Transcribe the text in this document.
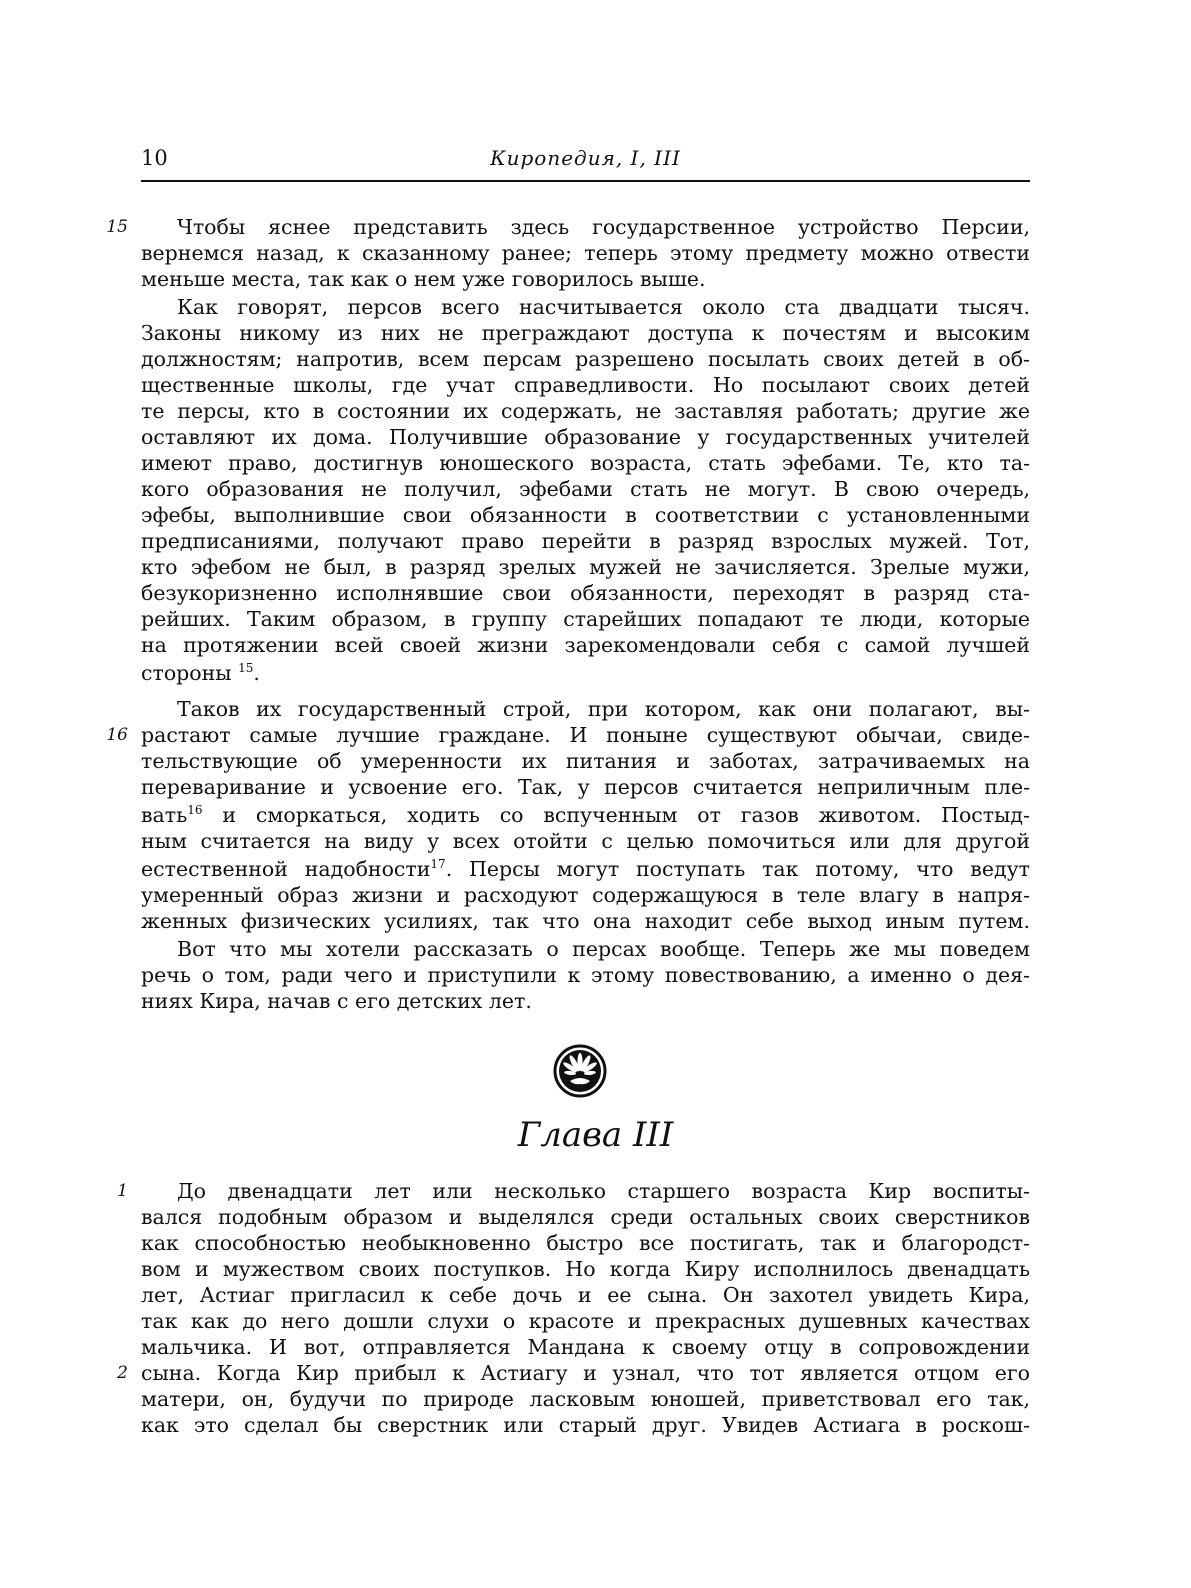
10	Киропедия, I, III
15
16
1
2
Чтобы яснее представить здесь государственное устройство Персии,
вернемся назад, к сказанному ранее; теперь этому предмету можно отвести
меньше места, так как о нем уже говорилось выше.
Как говорят, персов всего насчитывается около ста двадцати тысяч.
Законы никому из них не преграждают доступа к почестям и высоким
должностям; напротив, всем персам разрешено посылать своих детей в об-
щественные школы, где учат справедливости. Но посылают своих детей
те персы, кто в состоянии их содержать, не заставляя работать; другие же
оставляют их дома. Получившие образование у государственных учителей
имеют право, достигнув юношеского возраста, стать эфебами. Те, кто та-
кого образования не получил, эфебами стать не могут. В свою очередь,
эфебы, выполнившие свои обязанности в соответствии с установленными
предписаниями, получают право перейти в разряд взрослых мужей. Тот,
кто эфебом не был, в разряд зрелых мужей не зачисляется. Зрелые мужи,
безукоризненно исполнявшие свои обязанности, переходят в разряд ста-
рейших. Таким образом, в группу старейших попадают те люди, которые
на протяжении всей своей жизни зарекомендовали себя с самой лучшей
стороны $^{15}$.
Таков их государственный строй, при котором, как они полагают, вы-
растают самые лучшие граждане. И поныне существуют обычаи, свиде-
тельствующие об умеренности их питания и заботах, затрачиваемых на
переваривание и усвоение его. Так, у персов считается неприличным пле-
вать$^{16}$ и сморкаться, ходить со вспученным от газов животом. Постыд-
ным считается на виду у всех отойти с целью помочиться или для другой
естественной надобности$^{17}$. Персы могут поступать так потому, что ведут
умеренный образ жизни и расходуют содержащуюся в теле влагу в напря-
женных физических усилиях, так что она находит себе выход иным путем.
Вот что мы хотели рассказать о персах вообще. Теперь же мы поведем
речь о том, ради чего и приступили к этому повествованию, а именно о дея-
ниях Кира, начав с его детских лет.
Глава III
До двенадцати лет или несколько старшего возраста Кир воспиты-
вался подобным образом и выделялся среди остальных своих сверстников
как способностью необыкновенно быстро все постигать, так и благородст-
вом и мужеством своих поступков. Но когда Киру исполнилось двенадцать
лет, Астиаг пригласил к себе дочь и ее сына. Он захотел увидеть Кира,
так как до него дошли слухи о красоте и прекрасных душевных качествах
мальчика. И вот, отправляется Мандана к своему отцу в сопровождении
сына. Когда Кир прибыл к Астиагу и узнал, что тот является отцом его
матери, он, будучи по природе ласковым юношей, приветствовал его так,
как это сделал бы сверстник или старый друг. Увидев Астиага в роскош-
